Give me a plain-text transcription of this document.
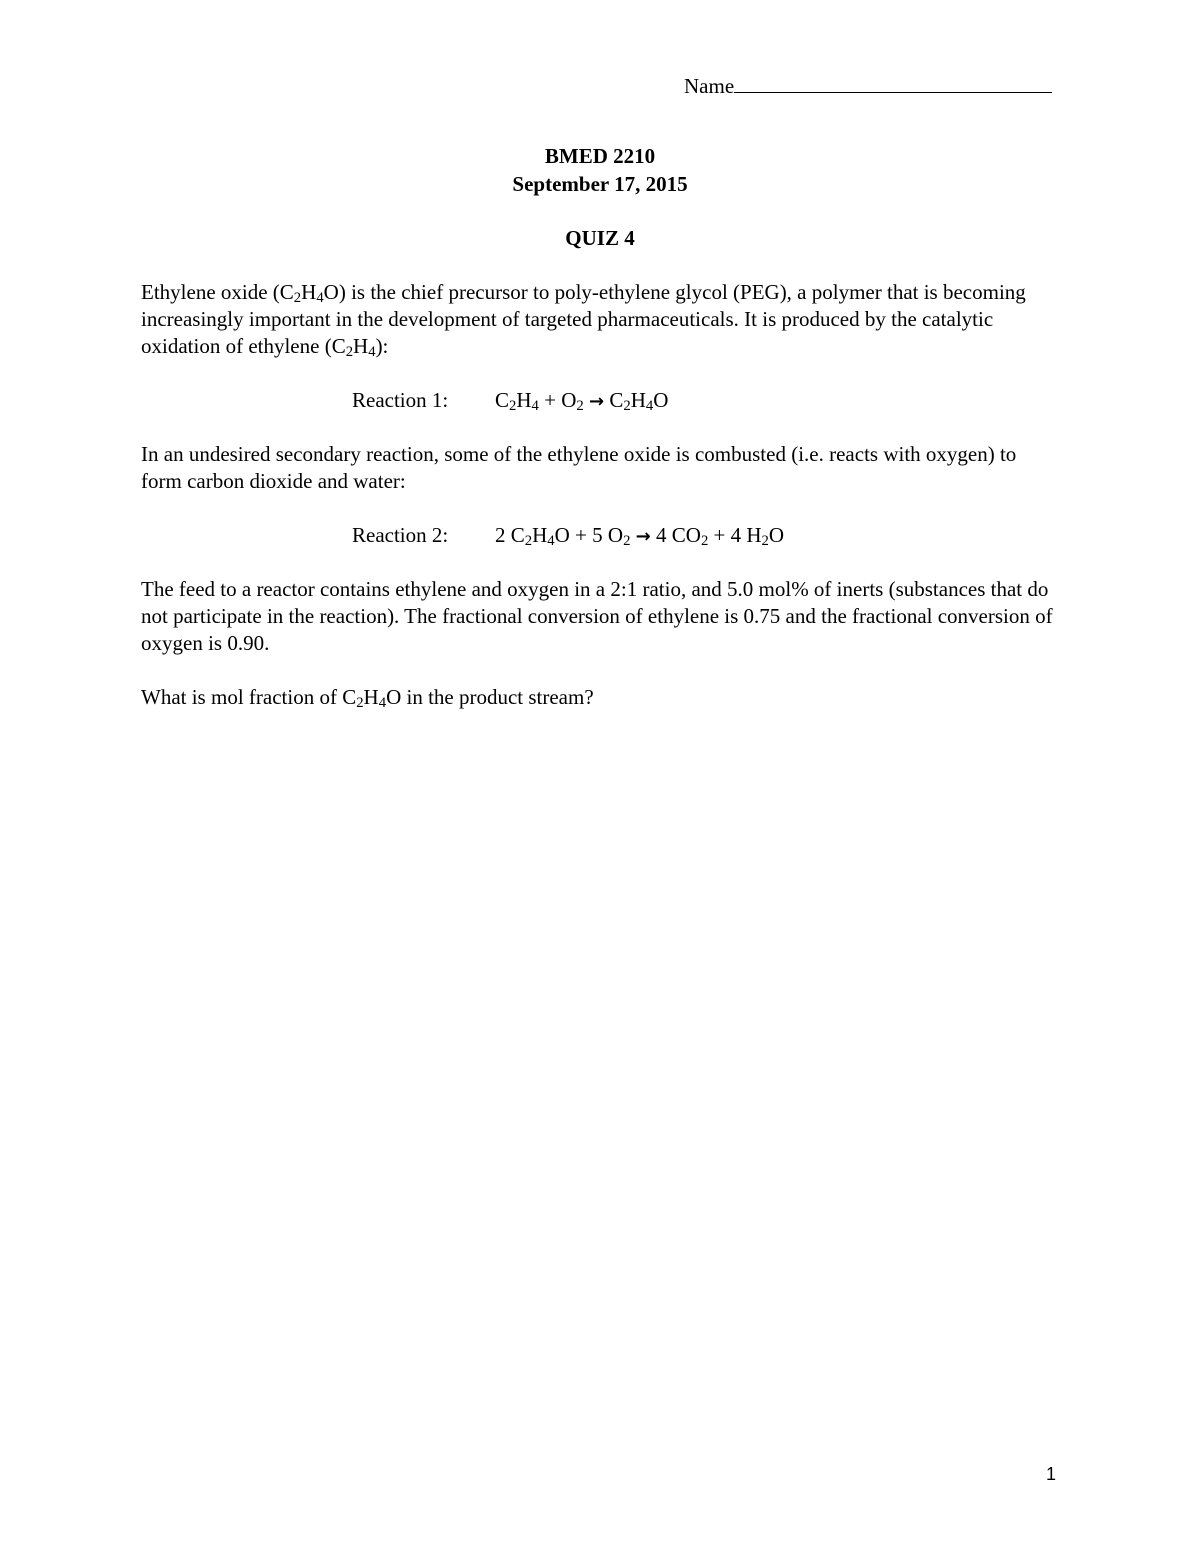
Name
BMED 2210
September 17, 2015
QUIZ 4
Ethylene oxide $(C_2H_4O)$ is the chief precursor to poly-ethylene glycol (PEG), a polymer that is becoming increasingly important in the development of targeted pharmaceuticals. It is produced by the catalytic oxidation of ethylene $(C_2H_4)$:
Reaction 1: $C_2H_4 + O_2 \to C_2H_4O$
In an undesired secondary reaction, some of the ethylene oxide is combusted (i.e. reacts with oxygen) to form carbon dioxide and water:
Reaction 2: 2 $C_2H_4O + 5$ $O_2 \to 4$ $CO_2 + 4$ $H_2O$
The feed to a reactor contains ethylene and oxygen in a 2:1 ratio, and 5.0 mol% of inerts (substances that do not participate in the reaction). The fractional conversion of ethylene is 0.75 and the fractional conversion of oxygen is 0.90.
What is mol fraction of $C_2H_4O$ in the product stream?
1
